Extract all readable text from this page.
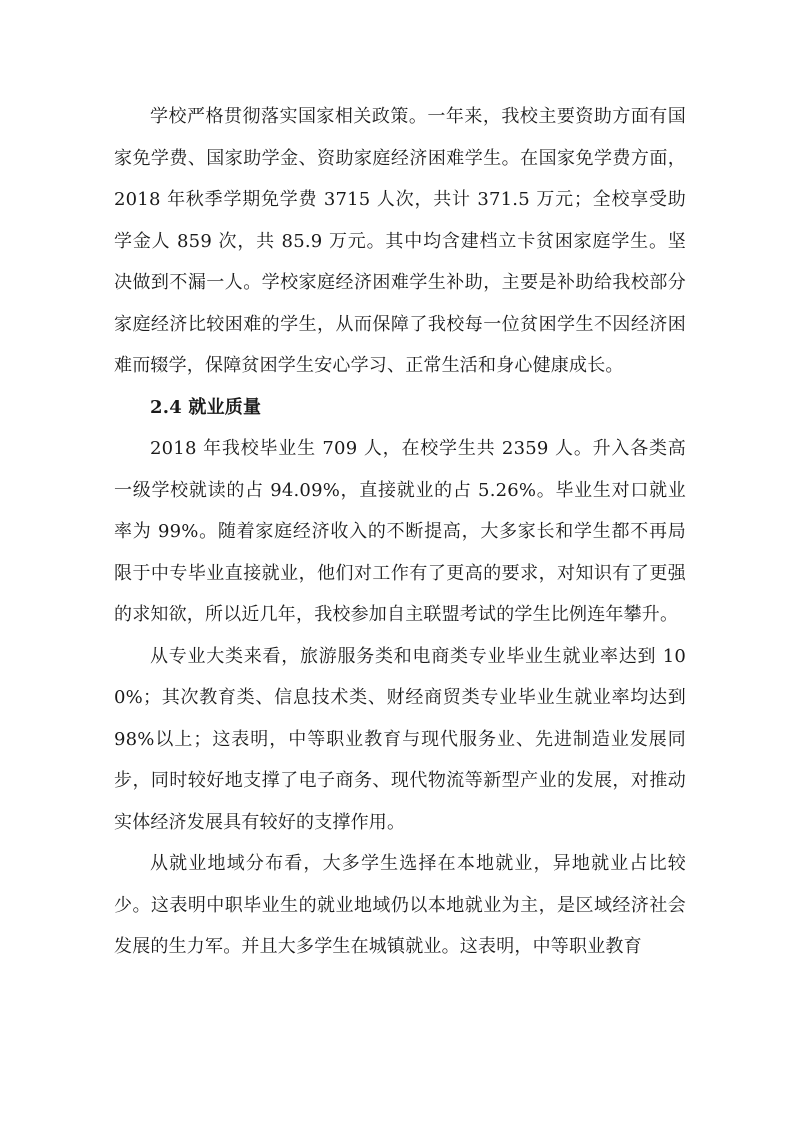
学校严格贯彻落实国家相关政策。一年来，我校主要资助方面有国家免学费、国家助学金、资助家庭经济困难学生。在国家免学费方面，2018 年秋季学期免学费 3715 人次，共计 371.5 万元；全校享受助学金人 859 次，共 85.9 万元。其中均含建档立卡贫困家庭学生。坚决做到不漏一人。学校家庭经济困难学生补助，主要是补助给我校部分家庭经济比较困难的学生，从而保障了我校每一位贫困学生不因经济困难而辍学，保障贫困学生安心学习、正常生活和身心健康成长。

2.4 就业质量

2018 年我校毕业生 709 人，在校学生共 2359 人。升入各类高一级学校就读的占 94.09%，直接就业的占 5.26%。毕业生对口就业率为 99%。随着家庭经济收入的不断提高，大多家长和学生都不再局限于中专毕业直接就业，他们对工作有了更高的要求，对知识有了更强的求知欲，所以近几年，我校参加自主联盟考试的学生比例连年攀升。

从专业大类来看，旅游服务类和电商类专业毕业生就业率达到 100%；其次教育类、信息技术类、财经商贸类专业毕业生就业率均达到 98%以上；这表明，中等职业教育与现代服务业、先进制造业发展同步，同时较好地支撑了电子商务、现代物流等新型产业的发展，对推动实体经济发展具有较好的支撑作用。

从就业地域分布看，大多学生选择在本地就业，异地就业占比较少。这表明中职毕业生的就业地域仍以本地就业为主，是区域经济社会发展的生力军。并且大多学生在城镇就业。这表明，中等职业教育
